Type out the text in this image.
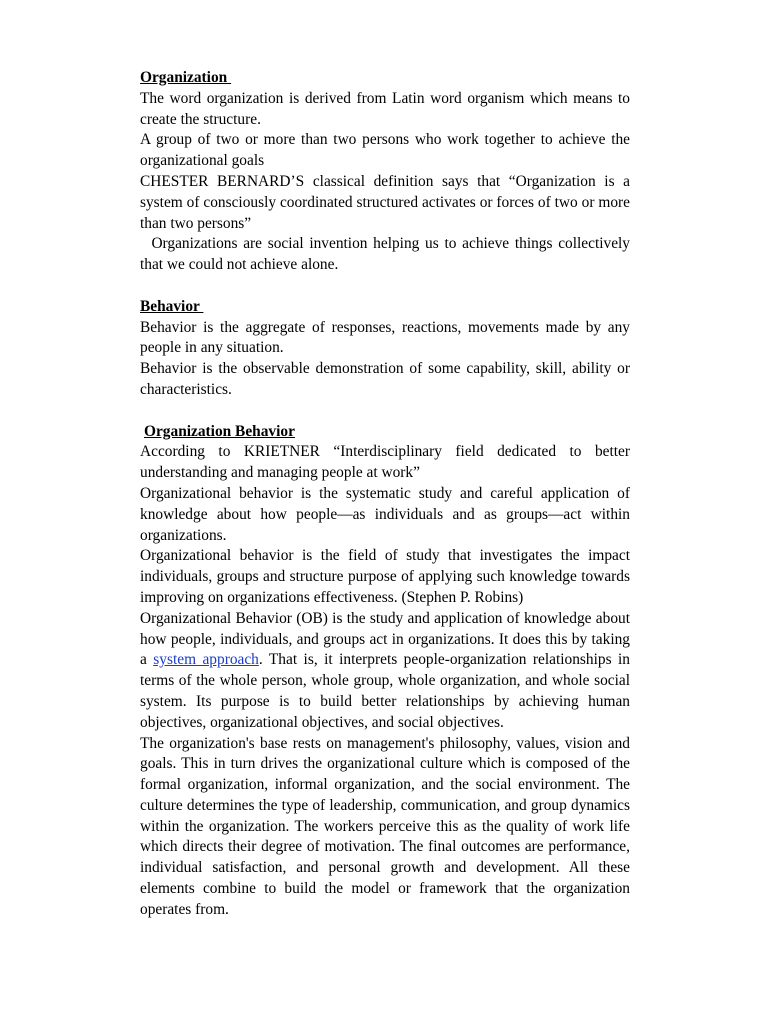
Organization

The word organization is derived from Latin word organism which means to create the structure.

A group of two or more than two persons who work together to achieve the organizational goals

CHESTER BERNARD’S classical definition says that “Organization is a system of consciously coordinated structured activates or forces of two or more than two persons”

Organizations are social invention helping us to achieve things collectively that we could not achieve alone.

Behavior

Behavior is the aggregate of responses, reactions, movements made by any people in any situation.

Behavior is the observable demonstration of some capability, skill, ability or characteristics.

Organization Behavior

According to KRIETNER “Interdisciplinary field dedicated to better understanding and managing people at work”

Organizational behavior is the systematic study and careful application of knowledge about how people—as individuals and as groups—act within organizations.

Organizational behavior is the field of study that investigates the impact individuals, groups and structure purpose of applying such knowledge towards improving on organizations effectiveness. (Stephen P. Robins)

Organizational Behavior (OB) is the study and application of knowledge about how people, individuals, and groups act in organizations. It does this by taking a system approach. That is, it interprets people-organization relationships in terms of the whole person, whole group, whole organization, and whole social system. Its purpose is to build better relationships by achieving human objectives, organizational objectives, and social objectives.

The organization's base rests on management's philosophy, values, vision and goals. This in turn drives the organizational culture which is composed of the formal organization, informal organization, and the social environment. The culture determines the type of leadership, communication, and group dynamics within the organization. The workers perceive this as the quality of work life which directs their degree of motivation. The final outcomes are performance, individual satisfaction, and personal growth and development. All these elements combine to build the model or framework that the organization operates from.
